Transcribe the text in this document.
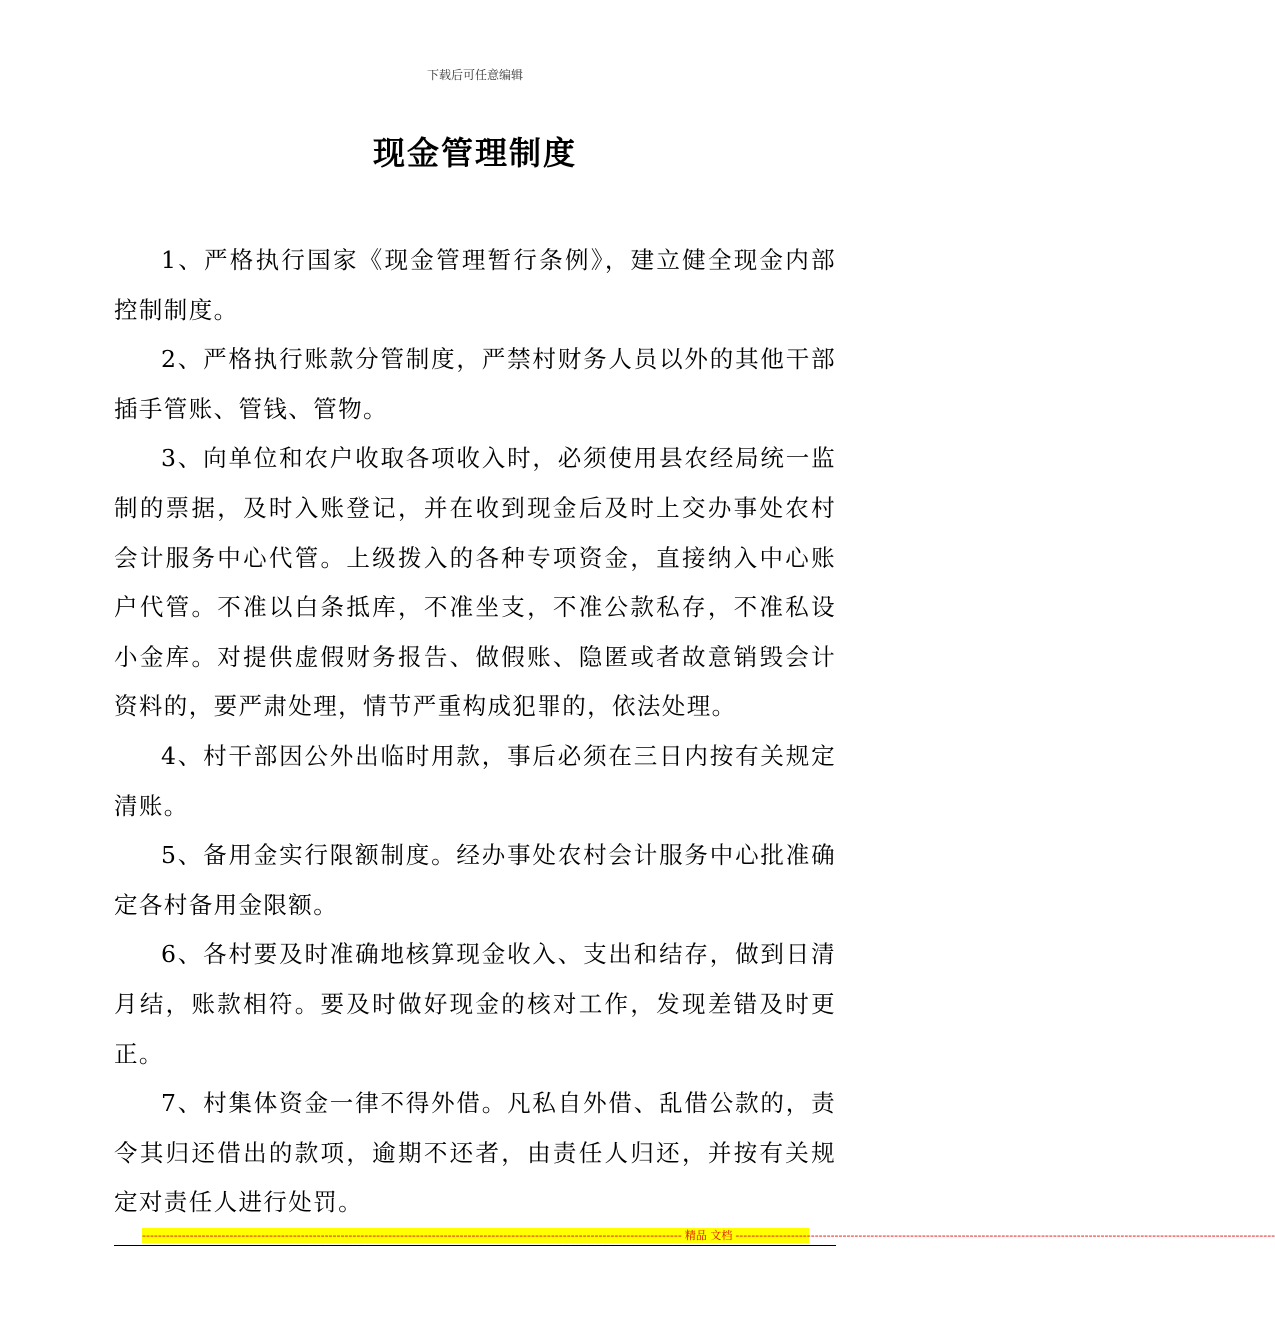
下载后可任意编辑
现金管理制度

1、严格执行国家《现金管理暂行条例》，建立健全现金内部控制制度。

2、严格执行账款分管制度，严禁村财务人员以外的其他干部插手管账、管钱、管物。

3、向单位和农户收取各项收入时，必须使用县农经局统一监制的票据，及时入账登记，并在收到现金后及时上交办事处农村会计服务中心代管。上级拨入的各种专项资金，直接纳入中心账户代管。不准以白条抵库，不准坐支，不准公款私存，不准私设小金库。对提供虚假财务报告、做假账、隐匿或者故意销毁会计资料的，要严肃处理，情节严重构成犯罪的，依法处理。

4、村干部因公外出临时用款，事后必须在三日内按有关规定清账。

5、备用金实行限额制度。经办事处农村会计服务中心批准确定各村备用金限额。

6、各村要及时准确地核算现金收入、支出和结存，做到日清月结，账款相符。要及时做好现金的核对工作，发现差错及时更正。

7、村集体资金一律不得外借。凡私自外借、乱借公款的，责令其归还借出的款项，逾期不还者，由责任人归还，并按有关规定对责任人进行处罚。

---------------------------------------------------------------------------------------------------------------------------------------- 精品 文档 ----------------------------------------------------------------------------------------------------------------------------------------
